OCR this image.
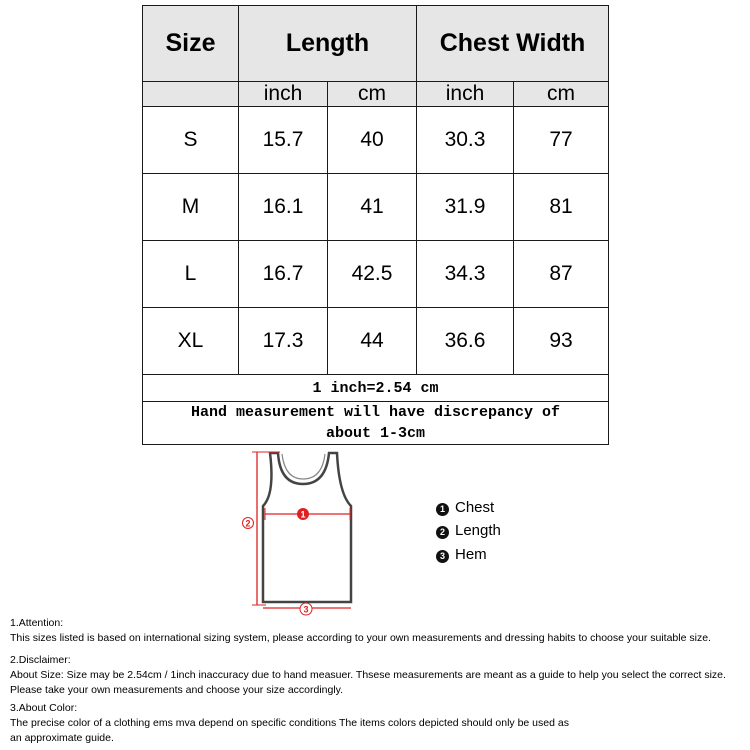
Size	Length		Chest Width	
	inch	cm	inch	cm
S	15.7	40	30.3	77
M	16.1	41	31.9	81
L	16.7	42.5	34.3	87
XL	17.3	44	36.6	93
1 inch=2.54 cm				

Hand measurement will have discrepancy of
about 1-3cm				
1
2
3
1 Chest
2 Length
3 Hem
1.Attention:
This sizes listed is based on international sizing system, please according to your own measurements and dressing habits to choose your suitable size.
2.Disclaimer:
About Size: Size may be 2.54cm / 1inch inaccuracy due to hand measuer. Thsese measurements are meant as a guide to help you select the correct size.
Please take your own measurements and choose your size accordingly.
3.About Color:
The precise color of a clothing ems mva depend on specific conditions The items colors depicted should only be used as
an approximate guide.
